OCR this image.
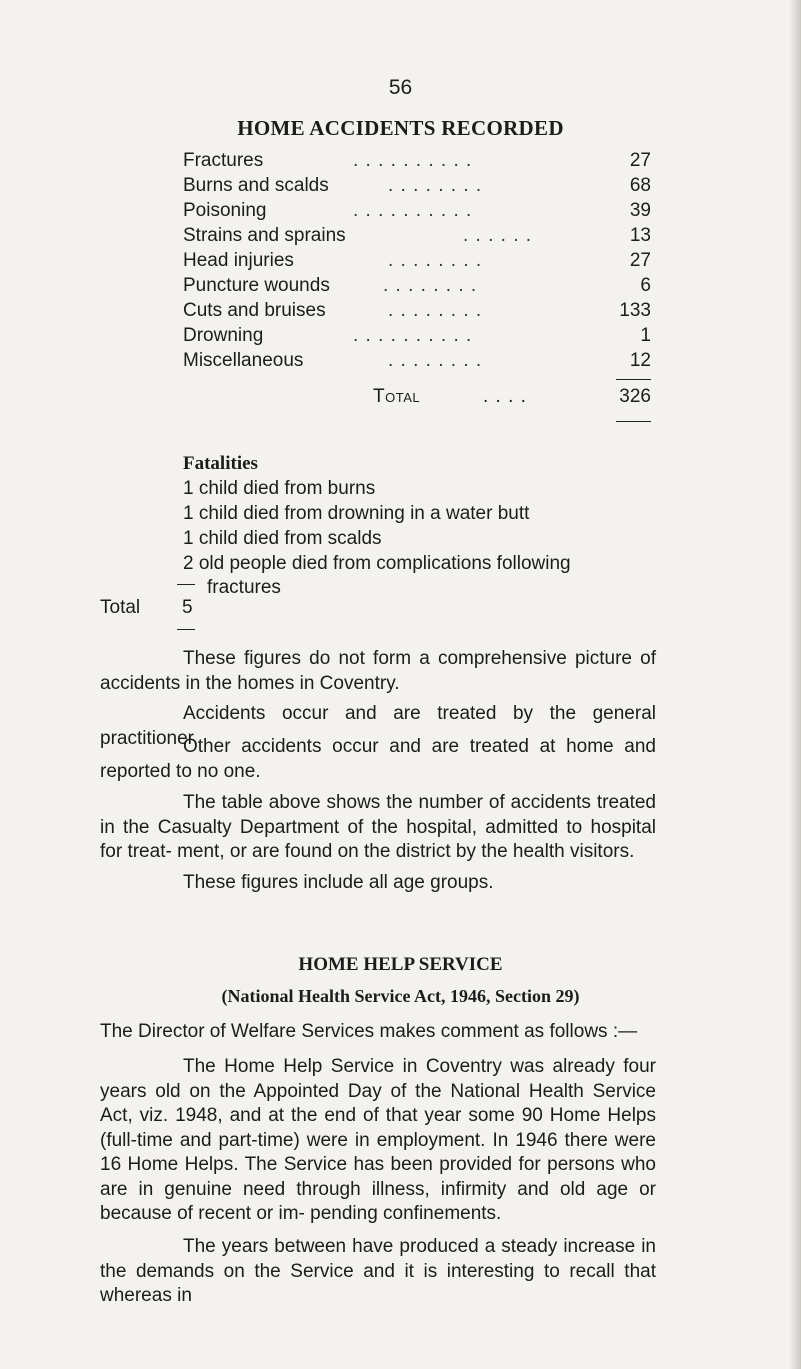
56
HOME ACCIDENTS RECORDED
Fractures	. . . . . . . . . .	27
Burns and scalds	. . . . . . . .	68
Poisoning	. . . . . . . . . .	39
Strains and sprains	. . . . . .	13
Head injuries	. . . . . . . .	27
Puncture wounds	. . . . . . . .	6
Cuts and bruises	. . . . . . . .	133
Drowning	. . . . . . . . . .	1
Miscellaneous	. . . . . . . .	12
Total	. . . .	326
Fatalities
1 child died from burns
1 child died from drowning in a water butt
1 child died from scalds
2 old people died from complications following
fractures
Total 5

These figures do not form a comprehensive picture of accidents in the homes in Coventry.

Accidents occur and are treated by the general practitioner.

Other accidents occur and are treated at home and reported to no one.

The table above shows the number of accidents treated in the Casualty Department of the hospital, admitted to hospital for treat- ment, or are found on the district by the health visitors.

These figures include all age groups.

HOME HELP SERVICE
(National Health Service Act, 1946, Section 29)

The Director of Welfare Services makes comment as follows :—

The Home Help Service in Coventry was already four years old on the Appointed Day of the National Health Service Act, viz. 1948, and at the end of that year some 90 Home Helps (full-time and part-time) were in employment. In 1946 there were 16 Home Helps. The Service has been provided for persons who are in genuine need through illness, infirmity and old age or because of recent or im- pending confinements.

The years between have produced a steady increase in the demands on the Service and it is interesting to recall that whereas in
